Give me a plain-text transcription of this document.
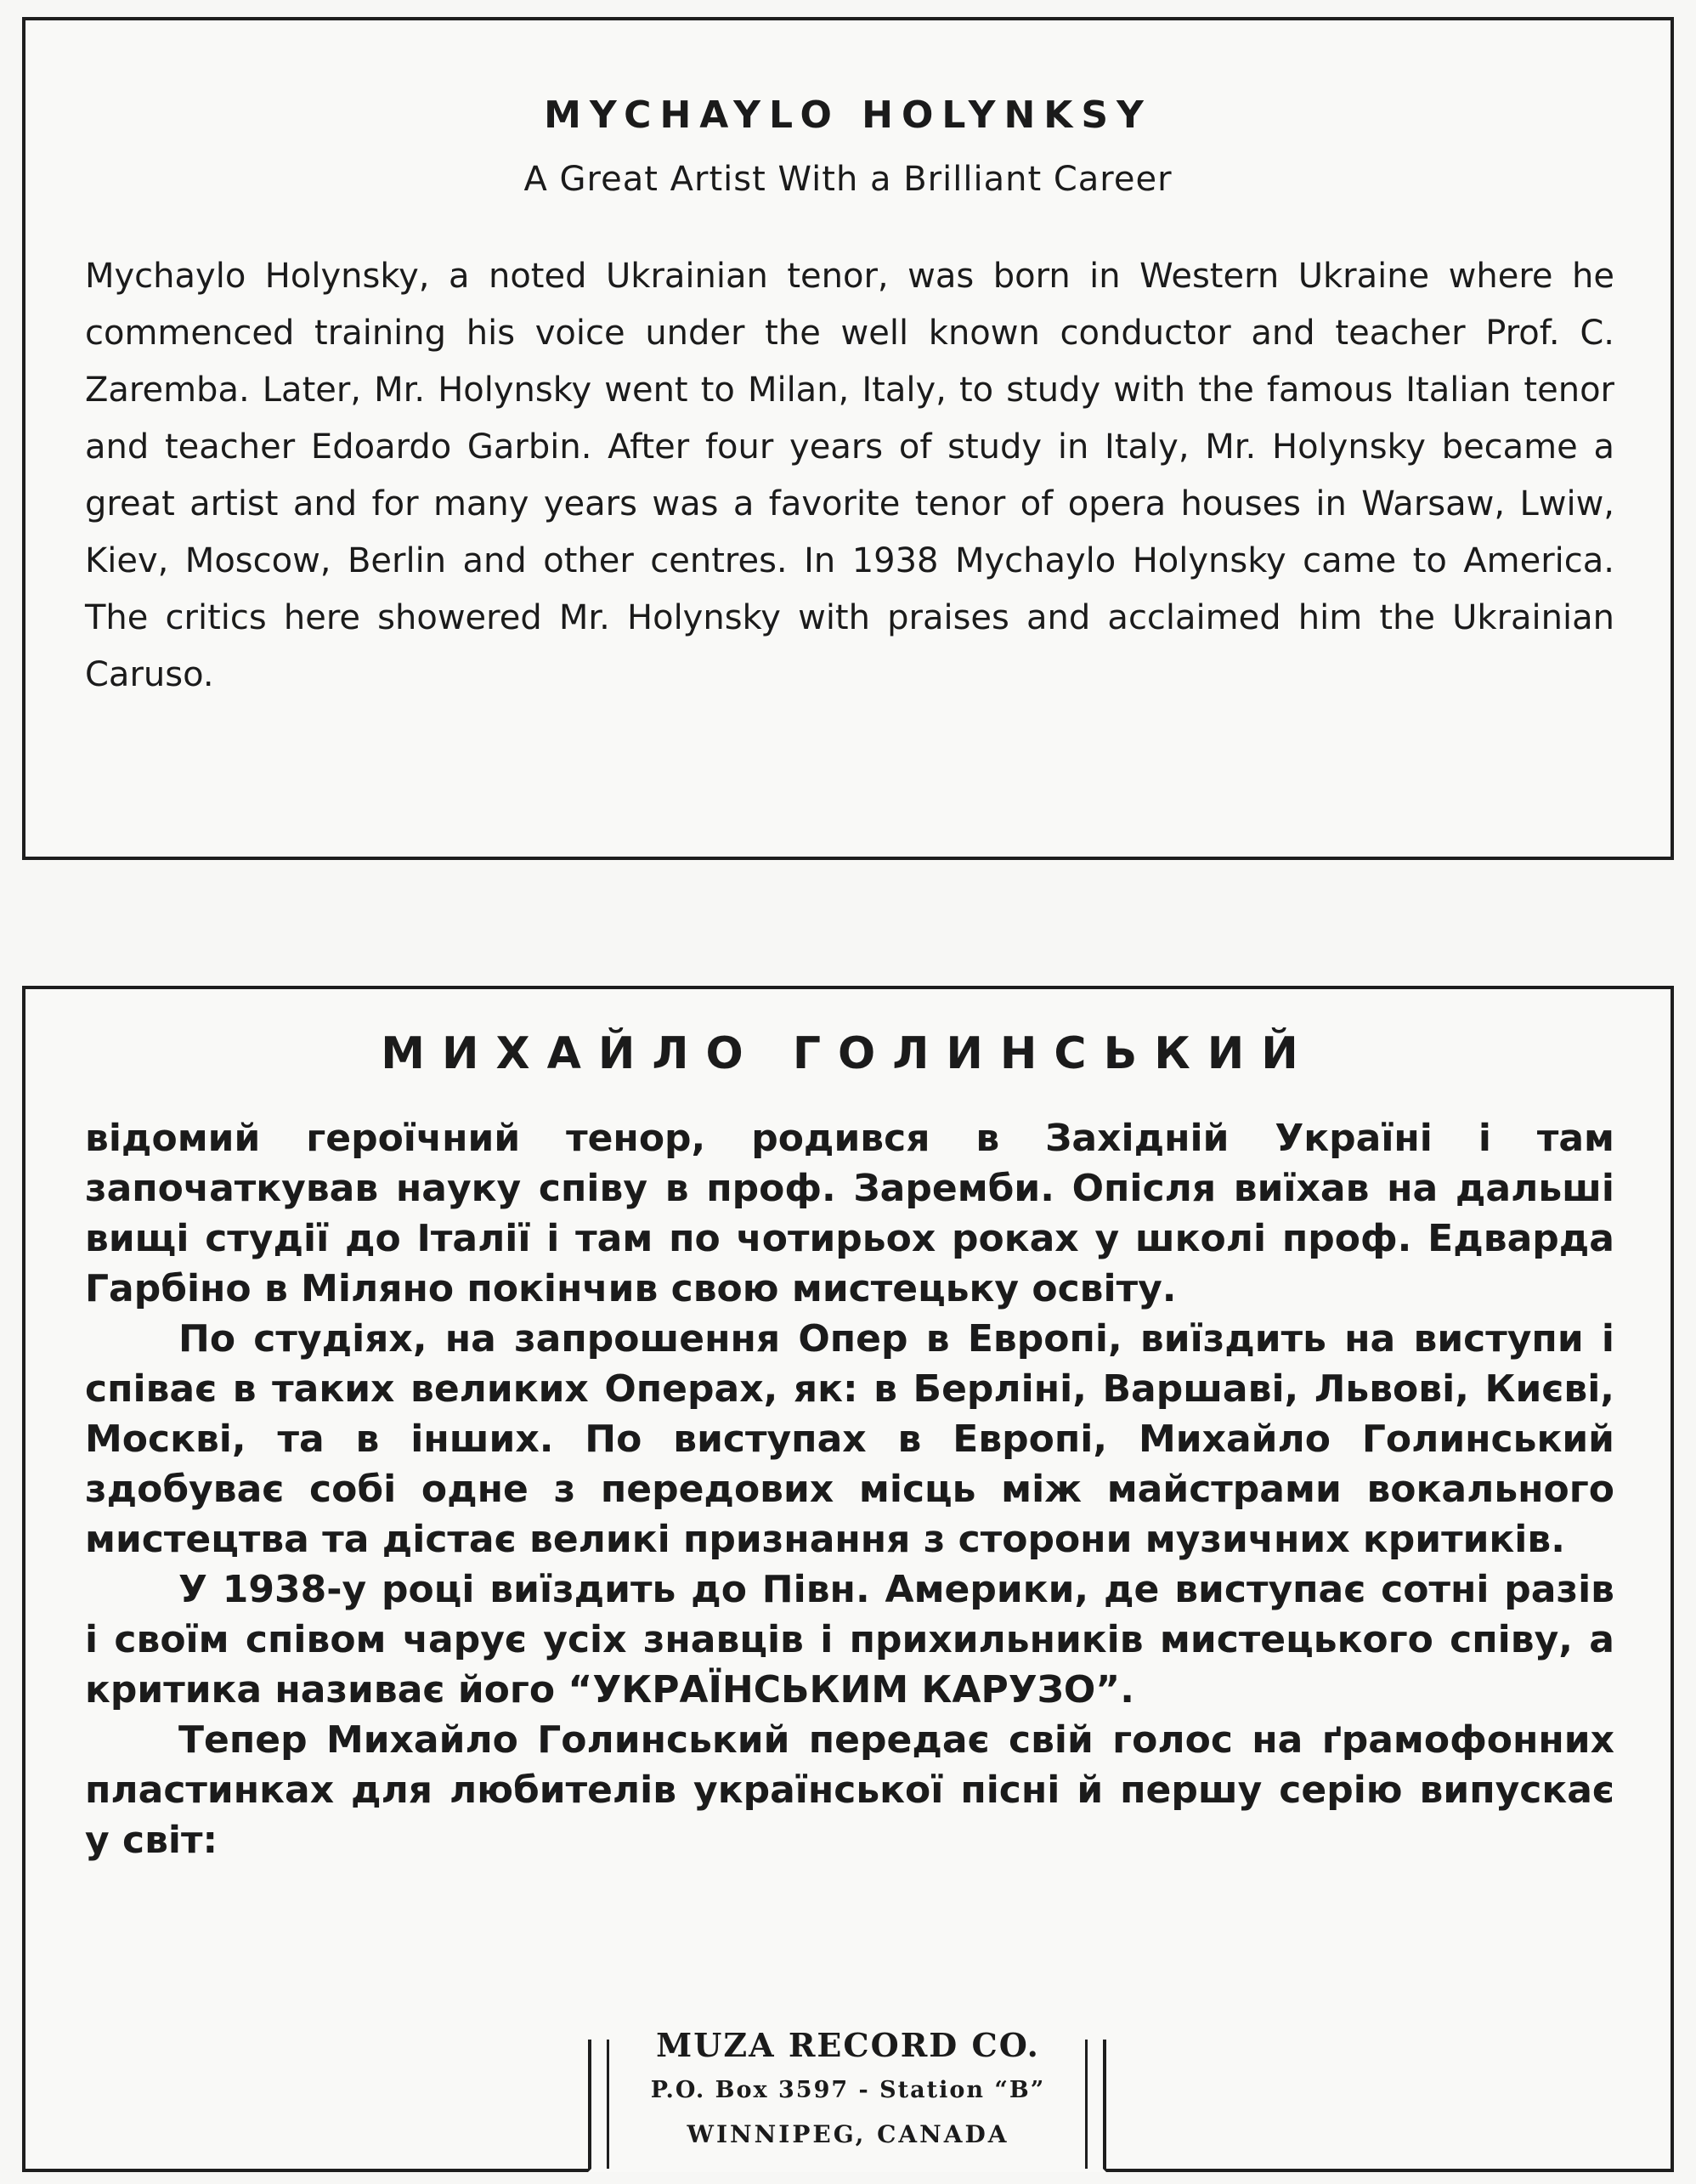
MYCHAYLO HOLYNKSY
A Great Artist With a Brilliant Career

Mychaylo Holynsky, a noted Ukrainian tenor, was born in Western Ukraine where he commenced training his voice under the well known conductor and teacher Prof. C. Zaremba. Later, Mr. Holynsky went to Milan, Italy, to study with the famous Italian tenor and teacher Edoardo Garbin. After four years of study in Italy, Mr. Holynsky became a great artist and for many years was a favorite tenor of opera houses in Warsaw, Lwiw, Kiev, Moscow, Berlin and other centres. In 1938 Mychaylo Holynsky came to America. The critics here showered Mr. Holynsky with praises and acclaimed him the Ukrainian Caruso.

МИХАЙЛО ГОЛИНСЬКИЙ

відомий героїчний тенор, родився в Західній Україні і там започаткував науку співу в проф. Заремби. Опісля виїхав на дальші вищі студії до Італії і там по чотирьох роках у школі проф. Едварда Гарбіно в Міляно покінчив свою мистецьку освіту.

По студіях, на запрошення Опер в Европі, виїздить на виступи і співає в таких великих Операх, як: в Берліні, Варшаві, Львові, Києві, Москві, та в інших. По виступах в Европі, Михайло Голинський здобуває собі одне з передових місць між майстрами вокального мистецтва та дістає великі признання з сторони музичних критиків.

У 1938-у році виїздить до Півн. Америки, де виступає сотні разів і своїм співом чарує усіх знавців і прихильників мистецького співу, а критика називає його “УКРАЇНСЬКИМ КАРУЗО”.

Тепер Михайло Голинський передає свій голос на ґрамофонних пластинках для любителів української пісні й першу серію випускає у світ:

MUZA RECORD CO.
P.O. Box 3597 - Station “B”
WINNIPEG, CANADA
